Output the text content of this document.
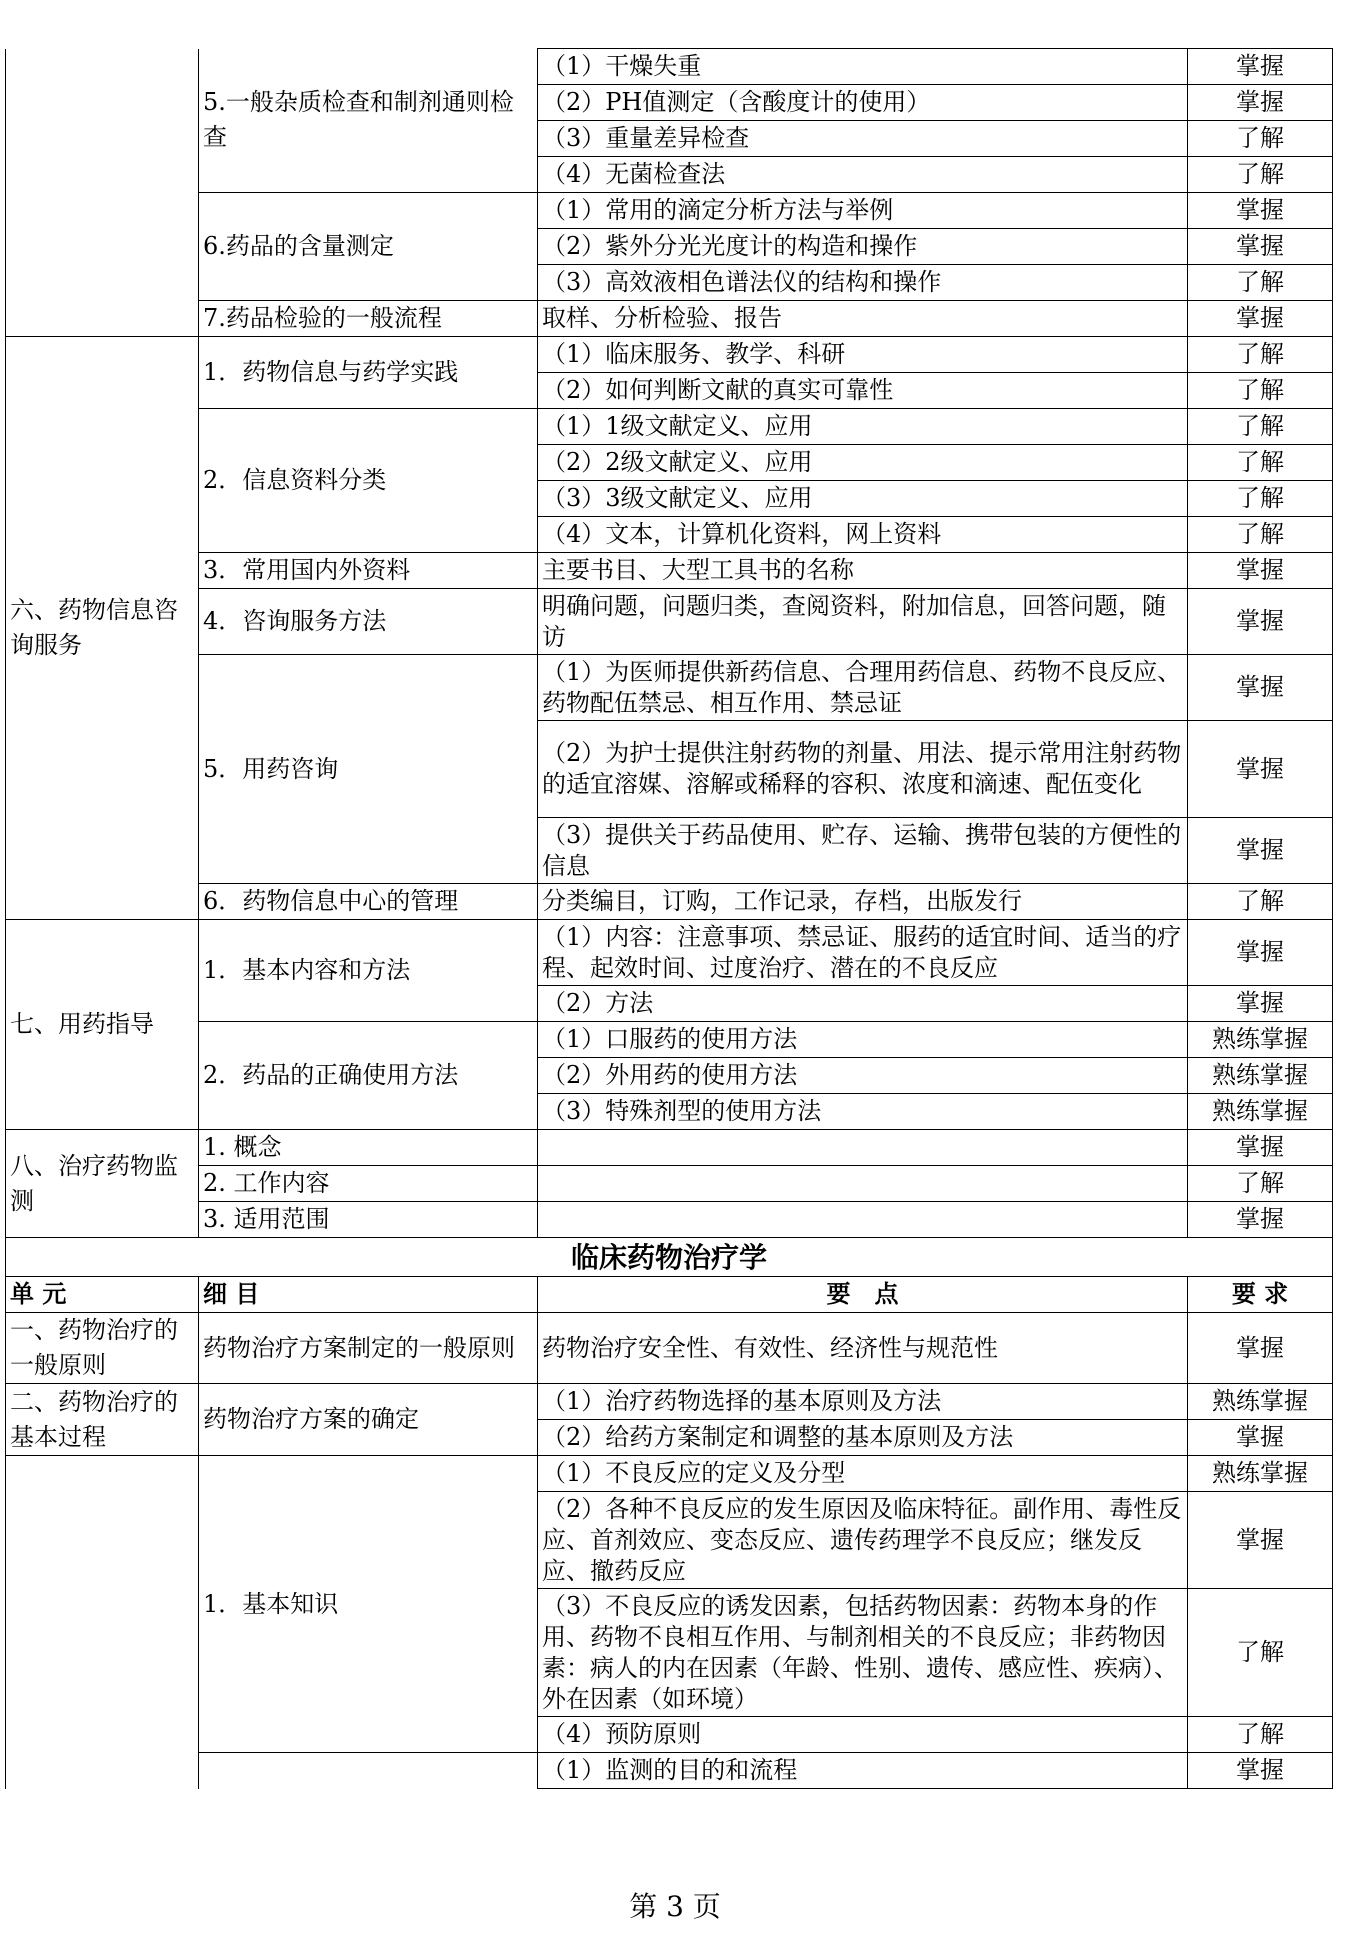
	5.一般杂质检查和制剂通则检查	（1）干燥失重	掌握
		（2）PH值测定（含酸度计的使用）	掌握
		（3）重量差异检查	了解
		（4）无菌检查法	了解
	6.药品的含量测定	（1）常用的滴定分析方法与举例	掌握
		（2）紫外分光光度计的构造和操作	掌握
		（3）高效液相色谱法仪的结构和操作	了解
	7.药品检验的一般流程	取样、分析检验、报告	掌握
六、药物信息咨询服务	1．药物信息与药学实践	（1）临床服务、教学、科研	了解
		（2）如何判断文献的真实可靠性	了解
	2．信息资料分类	（1）1级文献定义、应用	了解
		（2）2级文献定义、应用	了解
		（3）3级文献定义、应用	了解
		（4）文本，计算机化资料，网上资料	了解
	3．常用国内外资料	主要书目、大型工具书的名称	掌握
	4．咨询服务方法	明确问题，问题归类，查阅资料，附加信息，回答问题，随访	掌握
	5．用药咨询	（1）为医师提供新药信息、合理用药信息、药物不良反应、药物配伍禁忌、相互作用、禁忌证	掌握
		（2）为护士提供注射药物的剂量、用法、提示常用注射药物的适宜溶媒、溶解或稀释的容积、浓度和滴速、配伍变化	掌握
		（3）提供关于药品使用、贮存、运输、携带包装的方便性的信息	掌握
	6．药物信息中心的管理	分类编目，订购，工作记录，存档，出版发行	了解
七、用药指导	1．基本内容和方法	（1）内容：注意事项、禁忌证、服药的适宜时间、适当的疗程、起效时间、过度治疗、潜在的不良反应	掌握
		（2）方法	掌握
	2．药品的正确使用方法	（1）口服药的使用方法	熟练掌握
		（2）外用药的使用方法	熟练掌握
		（3）特殊剂型的使用方法	熟练掌握
八、治疗药物监测	1. 概念		掌握
	2. 工作内容		了解
	3. 适用范围		掌握
临床药物治疗学			
单 元	细 目	要　点	要 求
一、药物治疗的一般原则	药物治疗方案制定的一般原则	药物治疗安全性、有效性、经济性与规范性	掌握
二、药物治疗的基本过程	药物治疗方案的确定	（1）治疗药物选择的基本原则及方法	熟练掌握
		（2）给药方案制定和调整的基本原则及方法	掌握
	1．基本知识	（1）不良反应的定义及分型	熟练掌握
		（2）各种不良反应的发生原因及临床特征。副作用、毒性反应、首剂效应、变态反应、遗传药理学不良反应；继发反应、撤药反应	掌握
		（3）不良反应的诱发因素，包括药物因素：药物本身的作用、药物不良相互作用、与制剂相关的不良反应；非药物因素：病人的内在因素（年龄、性别、遗传、感应性、疾病）、外在因素（如环境）	了解
		（4）预防原则	了解
		（1）监测的目的和流程	掌握
第 3 页
